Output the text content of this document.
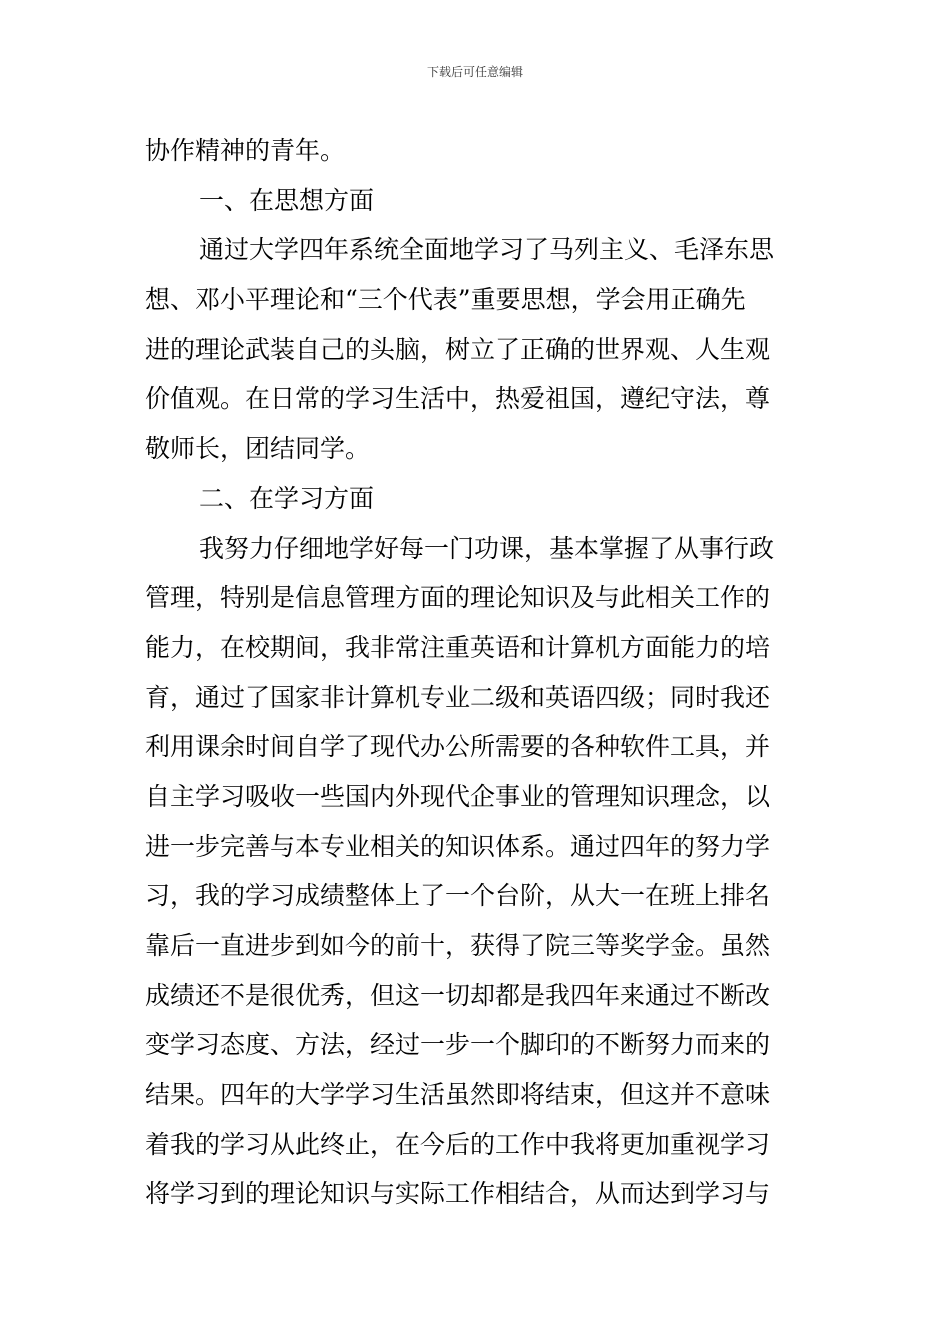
下载后可任意编辑
协作精神的青年。
一、在思想方面
通过大学四年系统全面地学习了马列主义、毛泽东思
想、邓小平理论和“三个代表”重要思想，学会用正确先
进的理论武装自己的头脑，树立了正确的世界观、人生观
价值观。在日常的学习生活中，热爱祖国，遵纪守法，尊
敬师长，团结同学。
二、在学习方面
我努力仔细地学好每一门功课，基本掌握了从事行政
管理，特别是信息管理方面的理论知识及与此相关工作的
能力，在校期间，我非常注重英语和计算机方面能力的培
育，通过了国家非计算机专业二级和英语四级；同时我还
利用课余时间自学了现代办公所需要的各种软件工具，并
自主学习吸收一些国内外现代企事业的管理知识理念，以
进一步完善与本专业相关的知识体系。通过四年的努力学
习，我的学习成绩整体上了一个台阶，从大一在班上排名
靠后一直进步到如今的前十，获得了院三等奖学金。虽然
成绩还不是很优秀，但这一切却都是我四年来通过不断改
变学习态度、方法，经过一步一个脚印的不断努力而来的
结果。四年的大学学习生活虽然即将结束，但这并不意味
着我的学习从此终止，在今后的工作中我将更加重视学习
将学习到的理论知识与实际工作相结合，从而达到学习与
